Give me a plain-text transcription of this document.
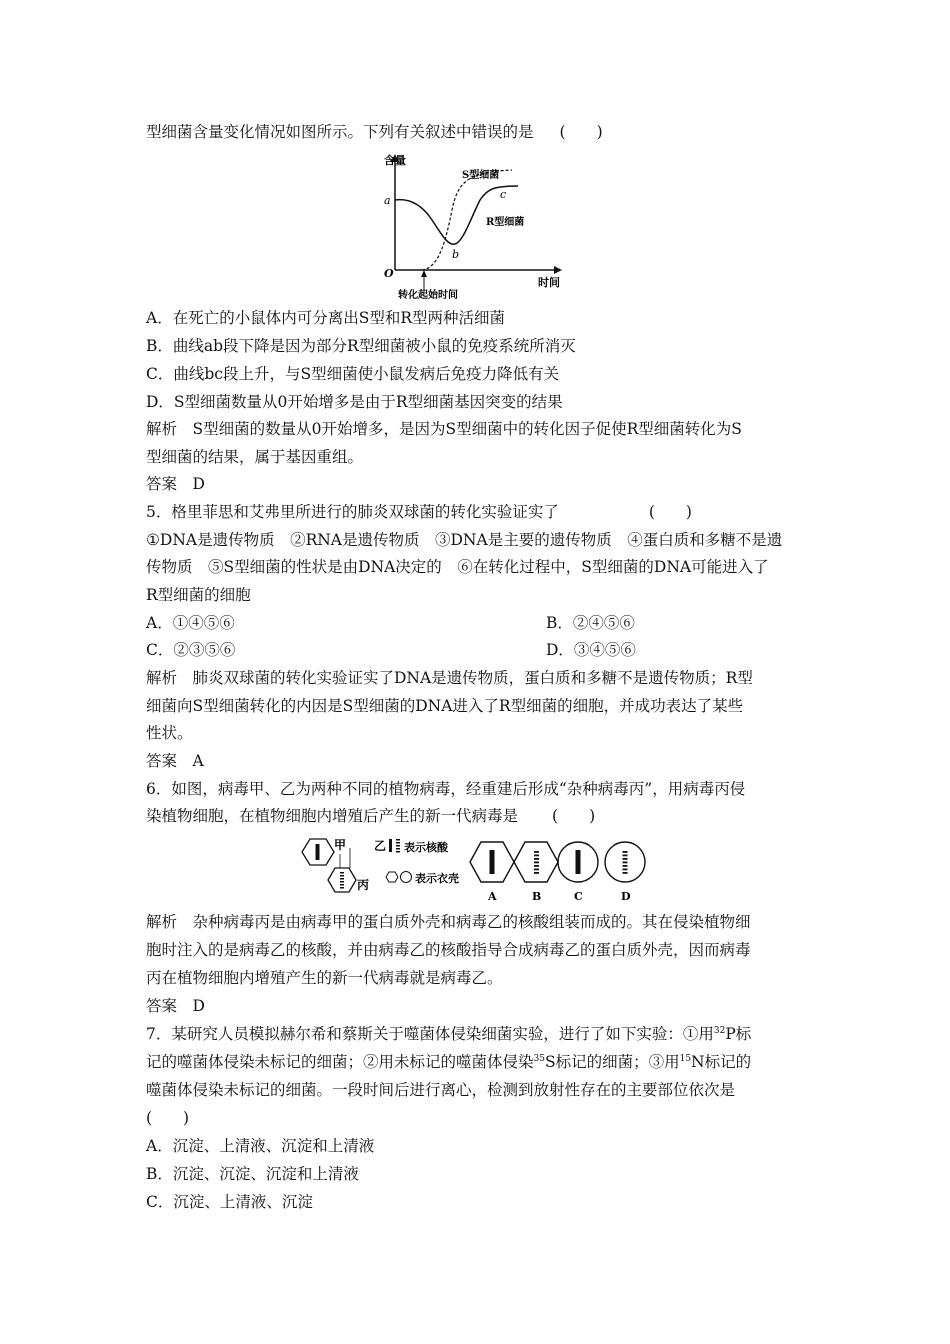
型细菌含量变化情况如图所示。下列有关叙述中错误的是 (　　)
含量
时间
O
a
b
c
S型细菌
R型细菌
转化起始时间
A．在死亡的小鼠体内可分离出S型和R型两种活细菌
B．曲线ab段下降是因为部分R型细菌被小鼠的免疫系统所消灭
C．曲线bc段上升，与S型细菌使小鼠发病后免疫力降低有关
D．S型细菌数量从0开始增多是由于R型细菌基因突变的结果
解析　S型细菌的数量从0开始增多，是因为S型细菌中的转化因子促使R型细菌转化为S
型细菌的结果，属于基因重组。
答案　D
5．格里菲思和艾弗里所进行的肺炎双球菌的转化实验证实了	(　　)
①DNA是遗传物质　②RNA是遗传物质　③DNA是主要的遗传物质　④蛋白质和多糖不是遗
传物质　⑤S型细菌的性状是由DNA决定的　⑥在转化过程中，S型细菌的DNA可能进入了
R型细菌的细胞
A．①④⑤⑥	B．②④⑤⑥
C．②③⑤⑥	D．③④⑤⑥
解析　肺炎双球菌的转化实验证实了DNA是遗传物质，蛋白质和多糖不是遗传物质；R型
细菌向S型细菌转化的内因是S型细菌的DNA进入了R型细菌的细胞，并成功表达了某些
性状。
答案　A
6．如图，病毒甲、乙为两种不同的植物病毒，经重建后形成“杂种病毒丙”，用病毒丙侵
染植物细胞，在植物细胞内增殖后产生的新一代病毒是 (　　)
甲
丙
乙 表示核酸
表示衣壳
A	B	C	D
解析　杂种病毒丙是由病毒甲的蛋白质外壳和病毒乙的核酸组装而成的。其在侵染植物细
胞时注入的是病毒乙的核酸，并由病毒乙的核酸指导合成病毒乙的蛋白质外壳，因而病毒
丙在植物细胞内增殖产生的新一代病毒就是病毒乙。
答案　D
7．某研究人员模拟赫尔希和蔡斯关于噬菌体侵染细菌实验，进行了如下实验：①用$^{32}$P标
记的噬菌体侵染未标记的细菌；②用未标记的噬菌体侵染$^{35}$S标记的细菌；③用$^{15}$N标记的
噬菌体侵染未标记的细菌。一段时间后进行离心，检测到放射性存在的主要部位依次是
(　　)
A．沉淀、上清液、沉淀和上清液
B．沉淀、沉淀、沉淀和上清液
C．沉淀、上清液、沉淀
